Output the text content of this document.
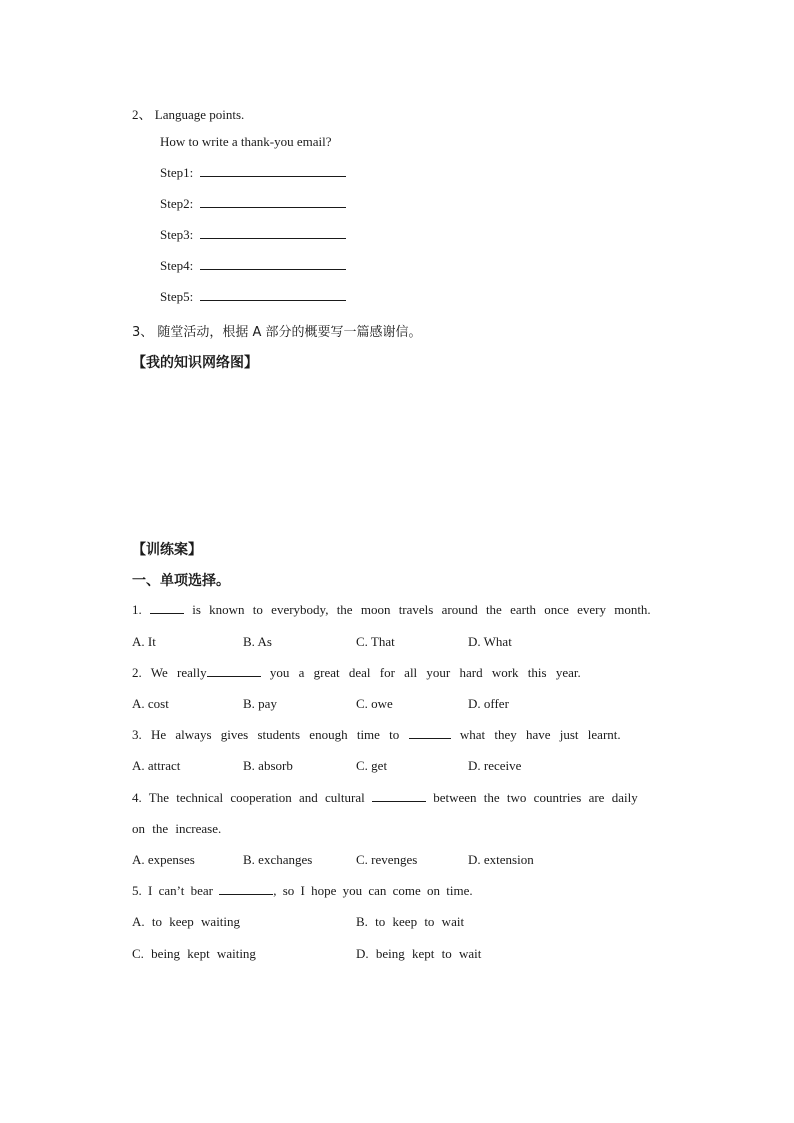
2、 Language points.
How to write a thank-you email?
Step1:
Step2:
Step3:
Step4:
Step5:
3、 随堂活动，根据 A 部分的概要写一篇感谢信。
【我的知识网络图】
【训练案】
一、单项选择。
1.	is known to everybody, the moon travels around the earth once every month.
A. It	B. As	C. That	D. What
2. We really	you a great deal for all your hard work this year.
A. cost	B. pay	C. owe	D. offer
3. He always gives students enough time to	what they have just learnt.
A. attract	B. absorb	C. get	D. receive
4. The technical cooperation and cultural	between the two countries are daily
on the increase.
A. expenses	B. exchanges	C. revenges	D. extension
5. I can’t bear	, so I hope you can come on time.
A. to keep waiting	B. to keep to wait
C. being kept waiting	D. being kept to wait
